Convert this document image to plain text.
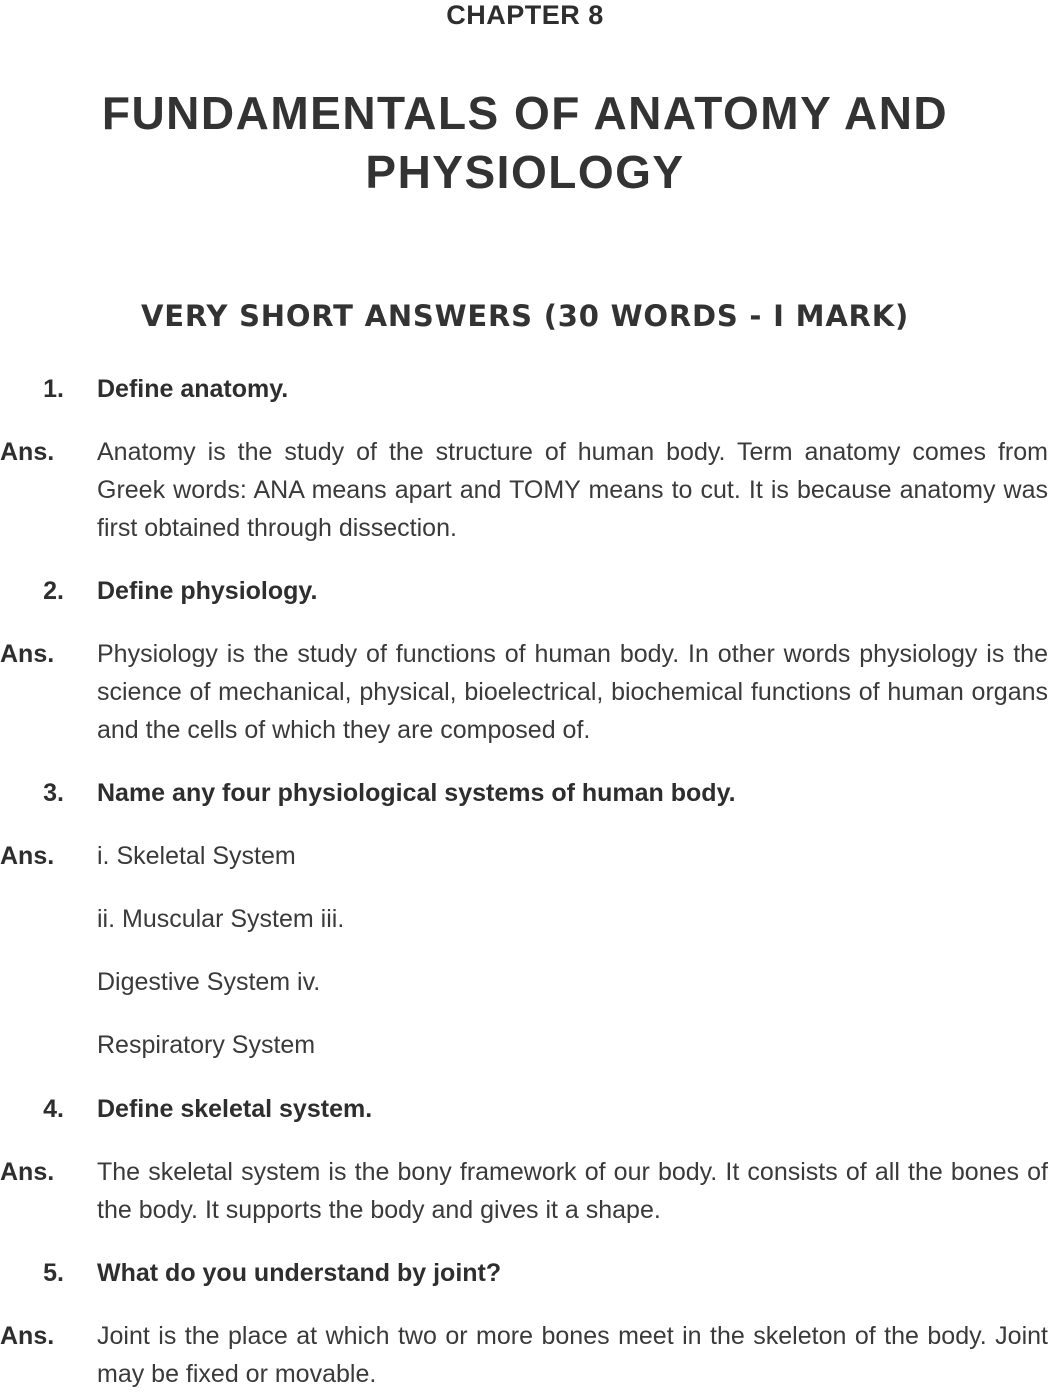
CHAPTER 8
FUNDAMENTALS OF ANATOMY AND PHYSIOLOGY
VERY SHORT ANSWERS (30 WORDS - I MARK)
1. Define anatomy.
Ans. Anatomy is the study of the structure of human body. Term anatomy comes from Greek words: ANA means apart and TOMY means to cut. It is because anatomy was first obtained through dissection.
2. Define physiology.
Ans. Physiology is the study of functions of human body. In other words physiology is the science of mechanical, physical, bioelectrical, biochemical functions of human organs and the cells of which they are composed of.
3. Name any four physiological systems of human body.
Ans. i. Skeletal System
ii. Muscular System iii.
Digestive System iv.
Respiratory System
4. Define skeletal system.
Ans. The skeletal system is the bony framework of our body. It consists of all the bones of the body. It supports the body and gives it a shape.
5. What do you understand by joint?
Ans. Joint is the place at which two or more bones meet in the skeleton of the body. Joint may be fixed or movable.
